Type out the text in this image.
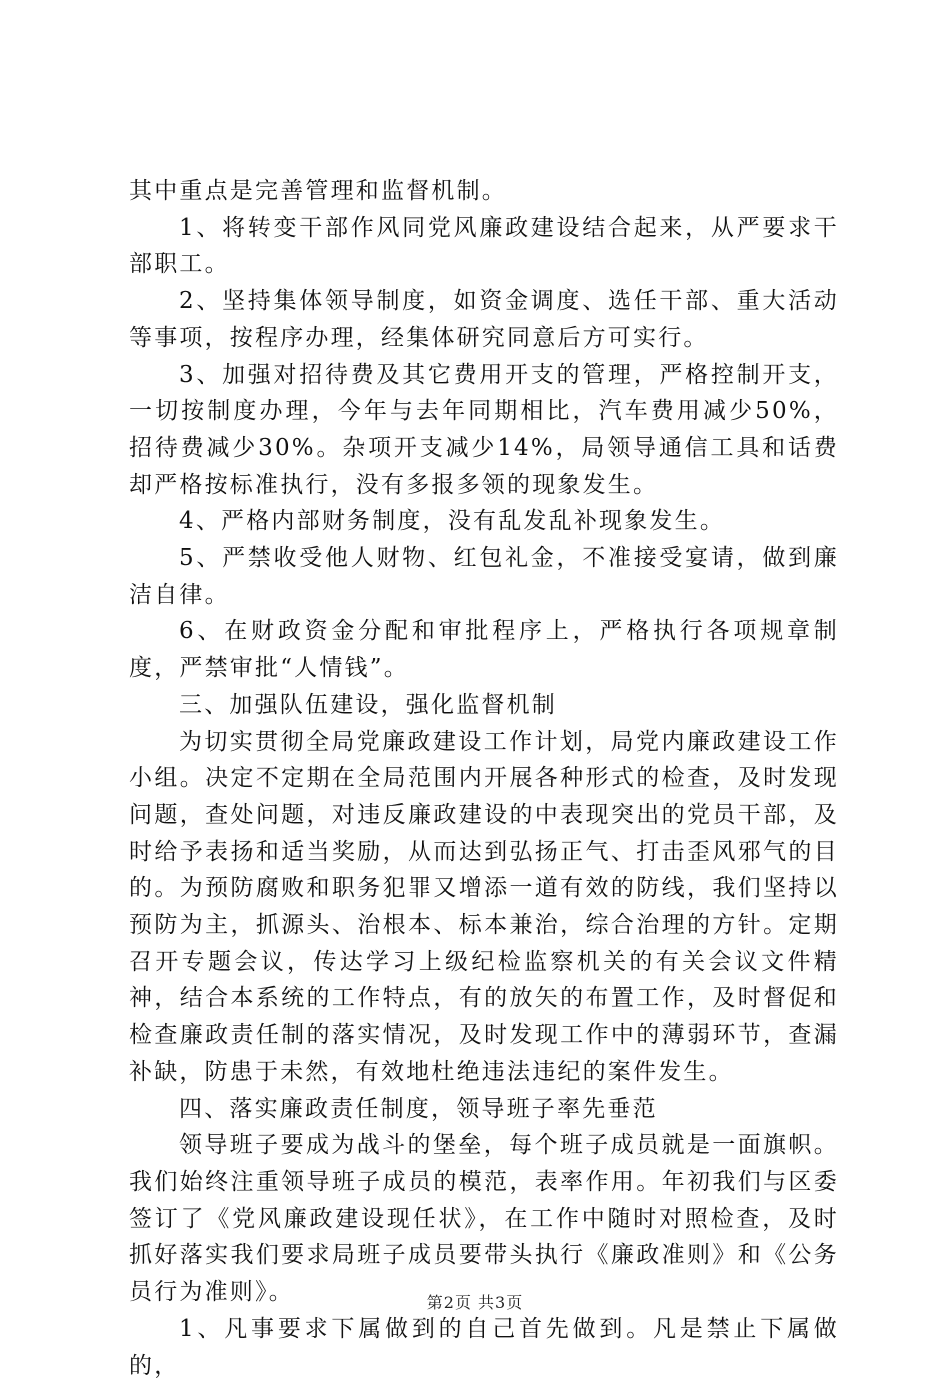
其中重点是完善管理和监督机制。

1、将转变干部作风同党风廉政建设结合起来，从严要求干部职工。

2、坚持集体领导制度，如资金调度、选任干部、重大活动等事项，按程序办理，经集体研究同意后方可实行。

3、加强对招待费及其它费用开支的管理，严格控制开支，一切按制度办理，今年与去年同期相比，汽车费用减少50%，招待费减少30%。杂项开支减少14%，局领导通信工具和话费却严格按标准执行，没有多报多领的现象发生。

4、严格内部财务制度，没有乱发乱补现象发生。

5、严禁收受他人财物、红包礼金，不准接受宴请，做到廉洁自律。

6、在财政资金分配和审批程序上，严格执行各项规章制度，严禁审批“人情钱”。

三、加强队伍建设，强化监督机制

为切实贯彻全局党廉政建设工作计划，局党内廉政建设工作小组。决定不定期在全局范围内开展各种形式的检查，及时发现问题，查处问题，对违反廉政建设的中表现突出的党员干部，及时给予表扬和适当奖励，从而达到弘扬正气、打击歪风邪气的目的。为预防腐败和职务犯罪又增添一道有效的防线，我们坚持以预防为主，抓源头、治根本、标本兼治，综合治理的方针。定期召开专题会议，传达学习上级纪检监察机关的有关会议文件精神，结合本系统的工作特点，有的放矢的布置工作，及时督促和检查廉政责任制的落实情况，及时发现工作中的薄弱环节，查漏补缺，防患于未然，有效地杜绝违法违纪的案件发生。

四、落实廉政责任制度，领导班子率先垂范

领导班子要成为战斗的堡垒，每个班子成员就是一面旗帜。我们始终注重领导班子成员的模范，表率作用。年初我们与区委签订了《党风廉政建设现任状》，在工作中随时对照检查，及时抓好落实我们要求局班子成员要带头执行《廉政准则》和《公务员行为准则》。

1、凡事要求下属做到的自己首先做到。凡是禁止下属做的，

第2页 共3页
